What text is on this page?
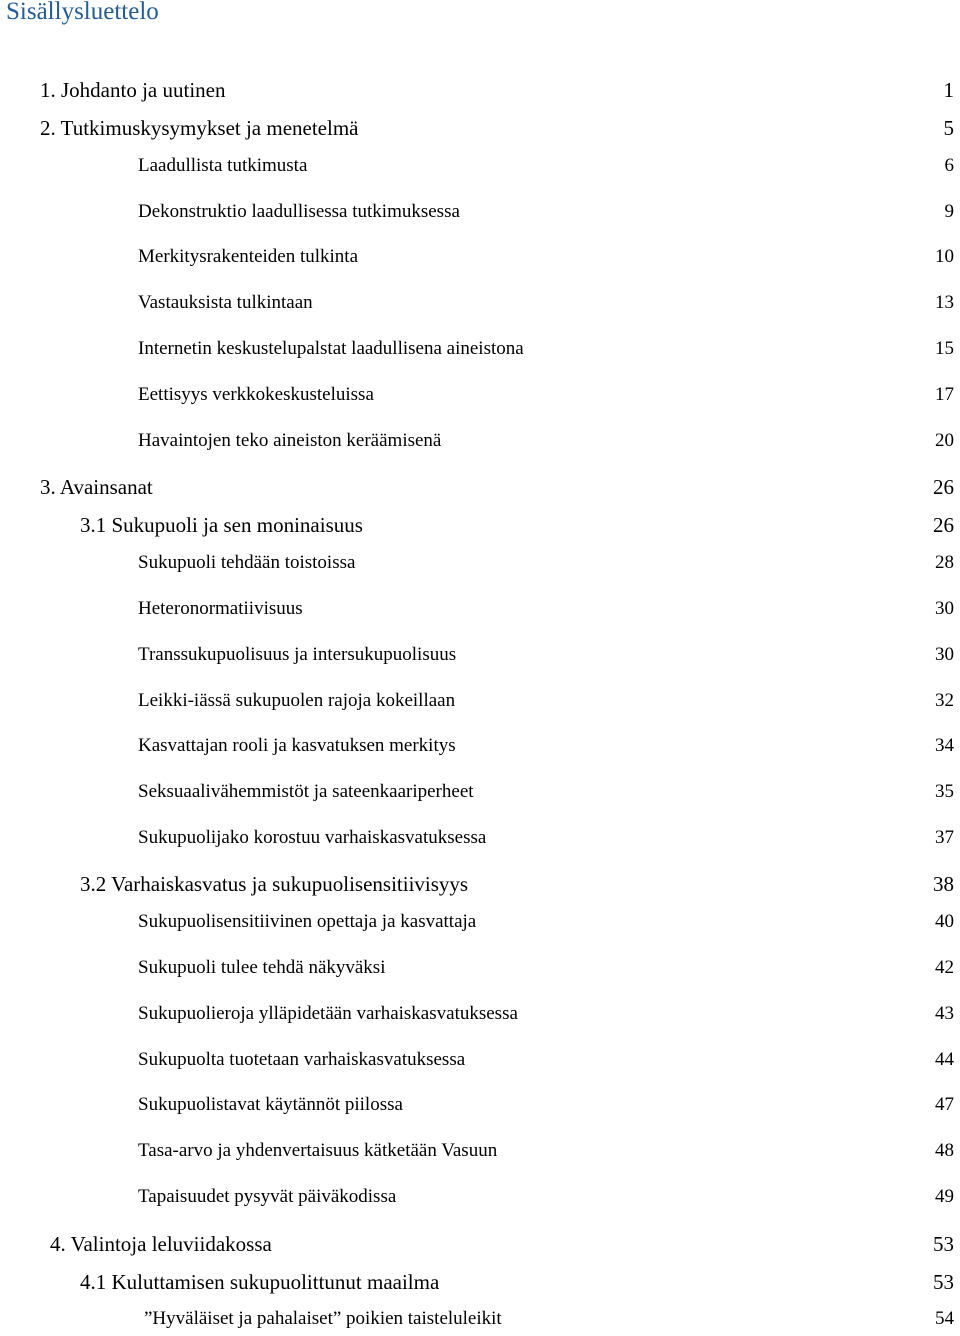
Sisällysluettelo
1. Johdanto ja uutinen	1
2. Tutkimuskysymykset ja menetelmä	5
Laadullista tutkimusta	6
Dekonstruktio laadullisessa tutkimuksessa	9
Merkitysrakenteiden tulkinta	10
Vastauksista tulkintaan	13
Internetin keskustelupalstat laadullisena aineistona	15
Eettisyys verkkokeskusteluissa	17
Havaintojen teko aineiston keräämisenä	20
3. Avainsanat	26
3.1 Sukupuoli ja sen moninaisuus	26
Sukupuoli tehdään toistoissa	28
Heteronormatiivisuus	30
Transsukupuolisuus ja intersukupuolisuus	30
Leikki-iässä sukupuolen rajoja kokeillaan	32
Kasvattajan rooli ja kasvatuksen merkitys	34
Seksuaalivähemmistöt ja sateenkaariperheet	35
Sukupuolijako korostuu varhaiskasvatuksessa	37
3.2 Varhaiskasvatus ja sukupuolisensitiivisyys	38
Sukupuolisensitiivinen opettaja ja kasvattaja	40
Sukupuoli tulee tehdä näkyväksi	42
Sukupuolieroja ylläpidetään varhaiskasvatuksessa	43
Sukupuolta tuotetaan varhaiskasvatuksessa	44
Sukupuolistavat käytännöt piilossa	47
Tasa-arvo ja yhdenvertaisuus kätketään Vasuun	48
Tapaisuudet pysyvät päiväkodissa	49
4. Valintoja leluviidakossa	53
4.1 Kuluttamisen sukupuolittunut maailma	53
”Hyväläiset ja pahalaiset” poikien taisteluleikit	54
